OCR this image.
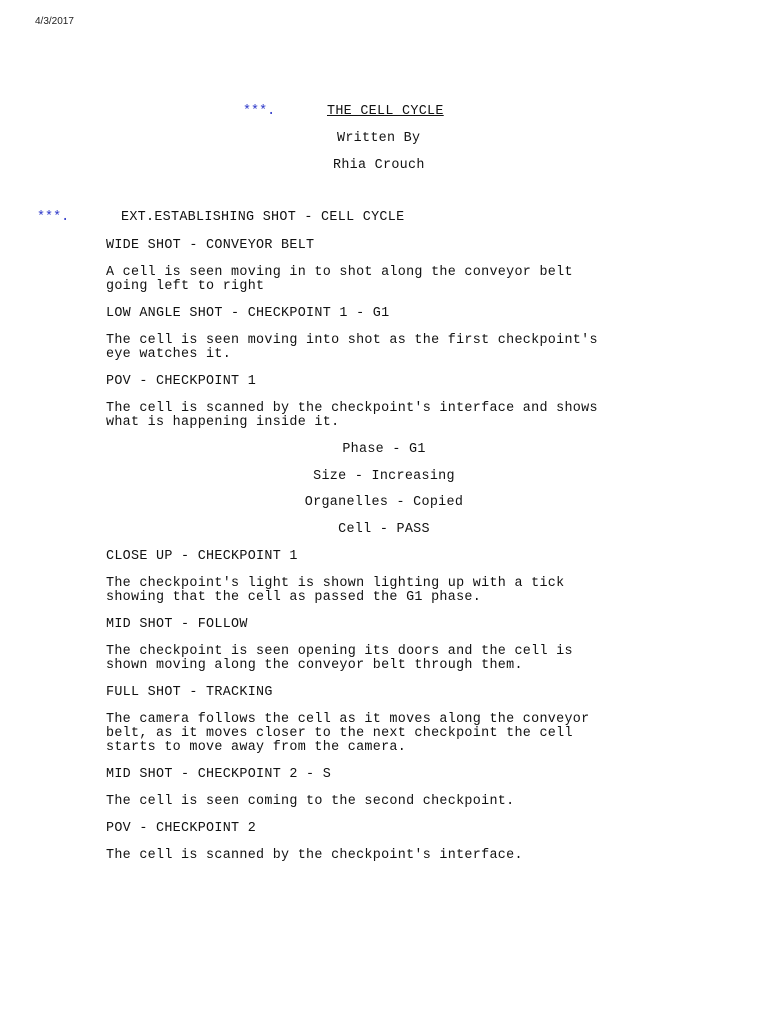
4/3/2017
***.	THE CELL CYCLE
Written By
Rhia Crouch
***.	EXT.ESTABLISHING SHOT - CELL CYCLE
WIDE SHOT - CONVEYOR BELT
A cell is seen moving in to shot along the conveyor belt
going left to right
LOW ANGLE SHOT - CHECKPOINT 1 - G1
The cell is seen moving into shot as the first checkpoint's
eye watches it.
POV - CHECKPOINT 1
The cell is scanned by the checkpoint's interface and shows
what is happening inside it.
Phase - G1
Size - Increasing
Organelles - Copied
Cell - PASS
CLOSE UP - CHECKPOINT 1
The checkpoint's light is shown lighting up with a tick
showing that the cell as passed the G1 phase.
MID SHOT - FOLLOW
The checkpoint is seen opening its doors and the cell is
shown moving along the conveyor belt through them.
FULL SHOT - TRACKING
The camera follows the cell as it moves along the conveyor
belt, as it moves closer to the next checkpoint the cell
starts to move away from the camera.
MID SHOT - CHECKPOINT 2 - S
The cell is seen coming to the second checkpoint.
POV - CHECKPOINT 2
The cell is scanned by the checkpoint's interface.
